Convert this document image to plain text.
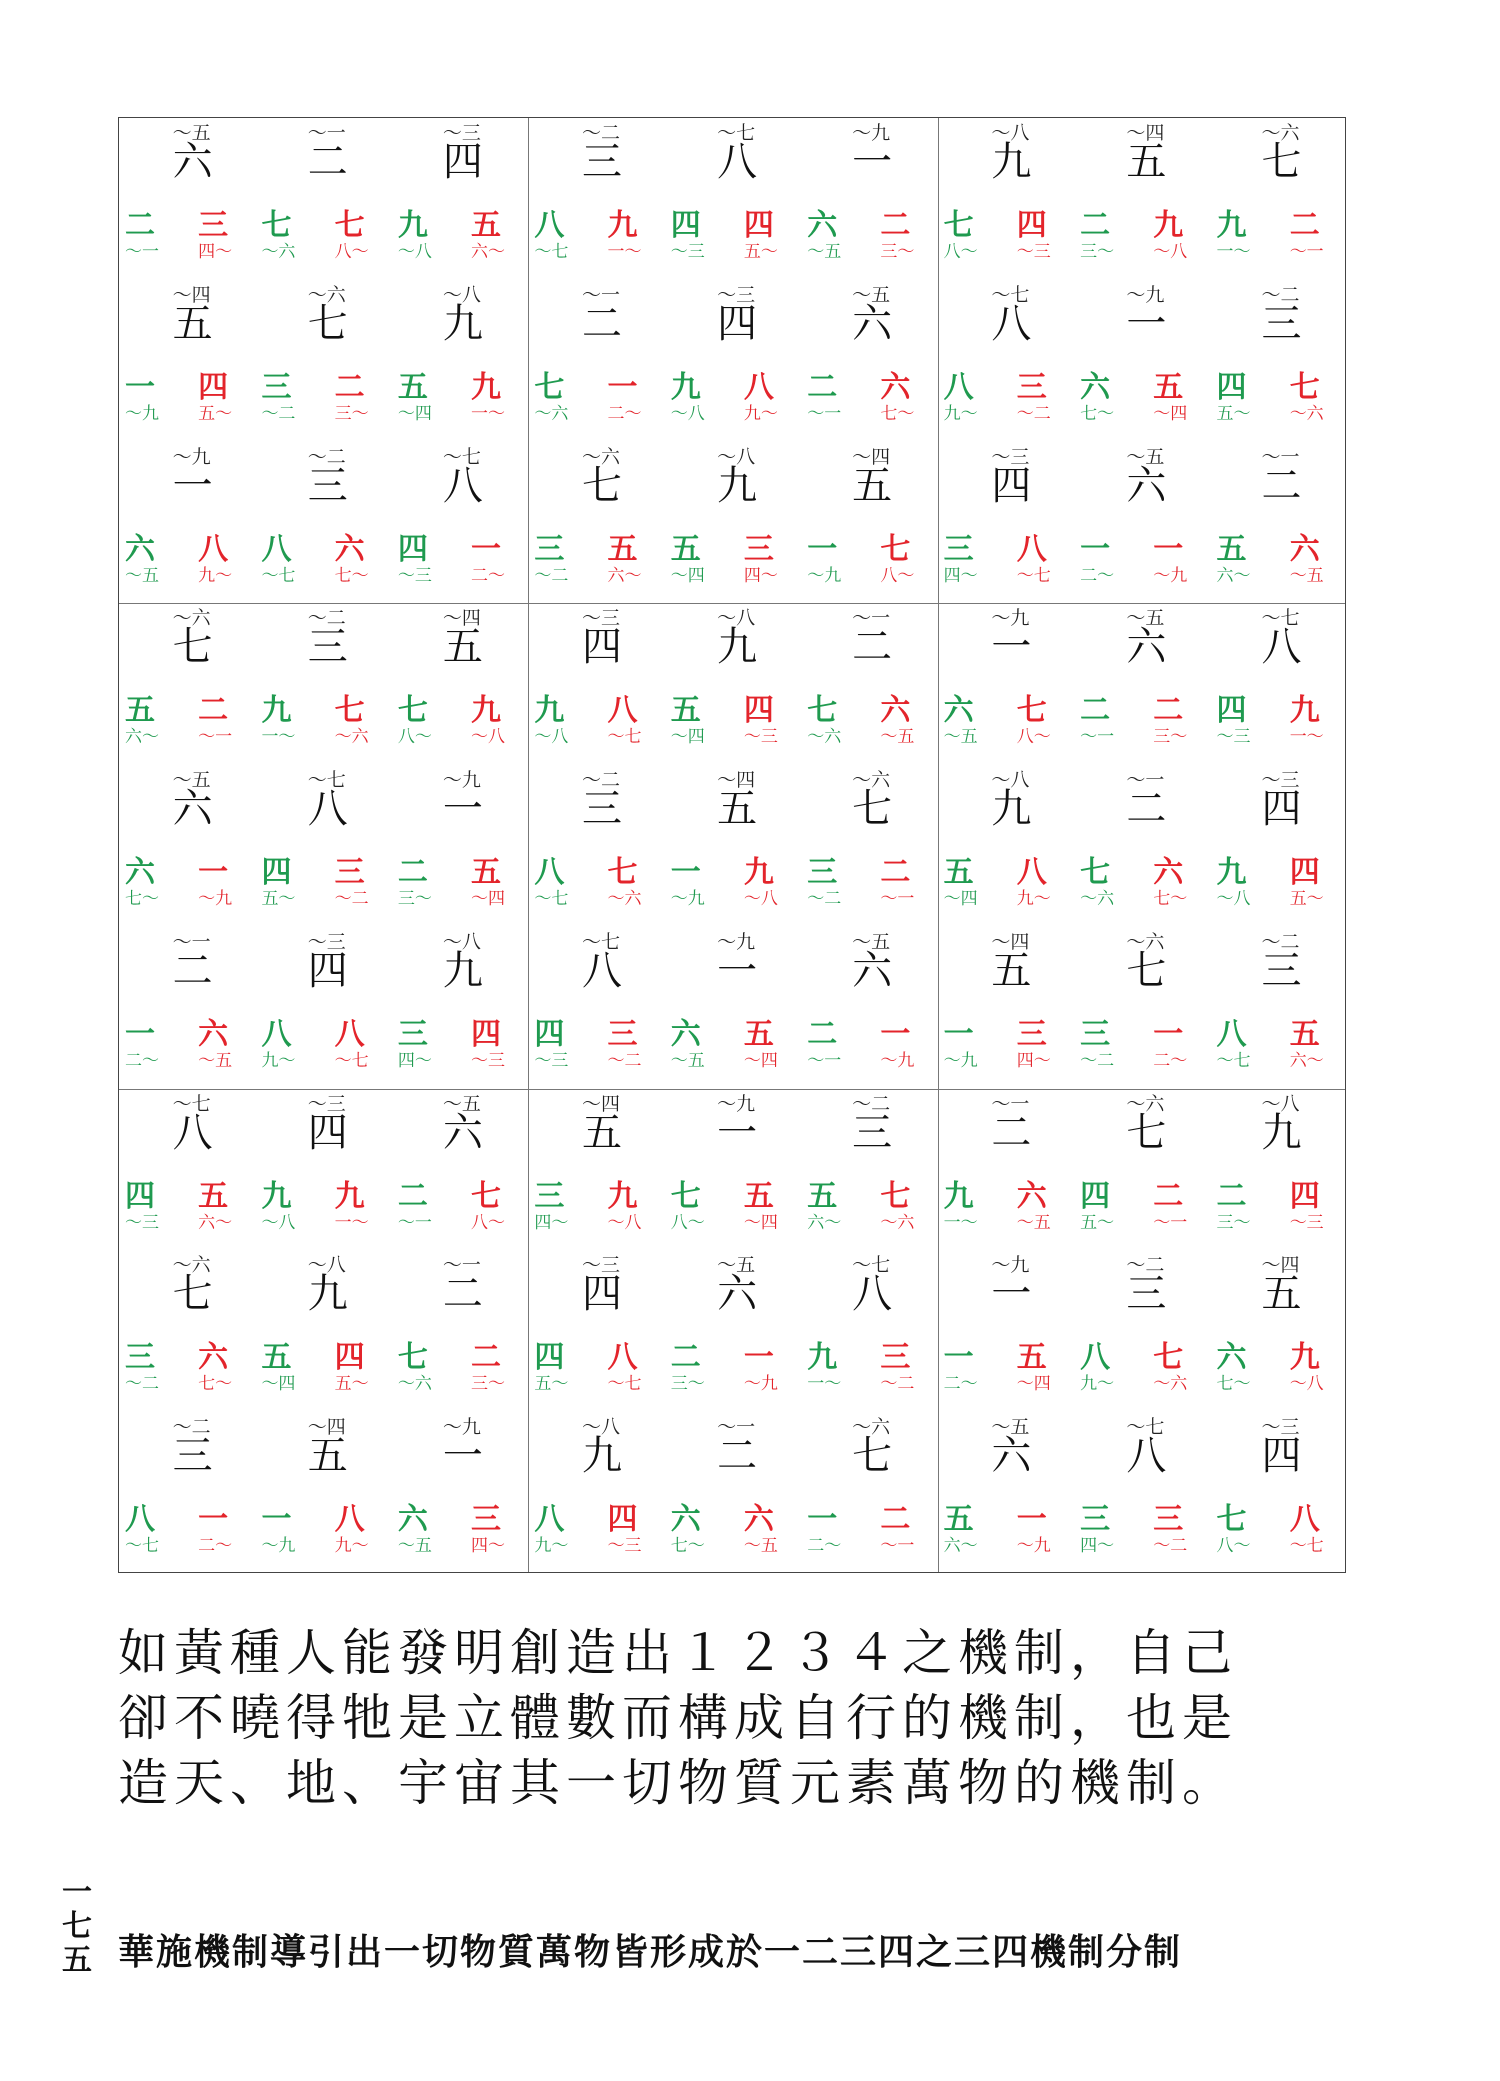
六
〜五
二
〜一
四
〜三
二
〜一
三
四〜
七
〜六
七
八〜
九
〜八
五
六〜
五
〜四
七
〜六
九
〜八
一
〜九
四
五〜
三
〜二
二
三〜
五
〜四
九
一〜
一
〜九
三
〜二
八
〜七
六
〜五
八
九〜
八
〜七
六
七〜
四
〜三
一
二〜
三
〜二
八
〜七
一
〜九
八
〜七
九
一〜
四
〜三
四
五〜
六
〜五
二
三〜
二
〜一
四
〜三
六
〜五
七
〜六
一
二〜
九
〜八
八
九〜
二
〜一
六
七〜
七
〜六
九
〜八
五
〜四
三
〜二
五
六〜
五
〜四
三
四〜
一
〜九
七
八〜
九
〜八
五
〜四
七
〜六
七
八〜
四
〜三
二
三〜
九
〜八
九
一〜
二
〜一
八
〜七
一
〜九
三
〜二
八
九〜
三
〜二
六
七〜
五
〜四
四
五〜
七
〜六
四
〜三
六
〜五
二
〜一
三
四〜
八
〜七
一
二〜
一
〜九
五
六〜
六
〜五
七
〜六
三
〜二
五
〜四
五
六〜
二
〜一
九
一〜
七
〜六
七
八〜
九
〜八
六
〜五
八
〜七
一
〜九
六
七〜
一
〜九
四
五〜
三
〜二
二
三〜
五
〜四
二
〜一
四
〜三
九
〜八
一
二〜
六
〜五
八
九〜
八
〜七
三
四〜
四
〜三
四
〜三
九
〜八
二
〜一
九
〜八
八
〜七
五
〜四
四
〜三
七
〜六
六
〜五
三
〜二
五
〜四
七
〜六
八
〜七
七
〜六
一
〜九
九
〜八
三
〜二
二
〜一
八
〜七
一
〜九
六
〜五
四
〜三
三
〜二
六
〜五
五
〜四
二
〜一
一
〜九
一
〜九
六
〜五
八
〜七
六
〜五
七
八〜
二
〜一
二
三〜
四
〜三
九
一〜
九
〜八
二
〜一
四
〜三
五
〜四
八
九〜
七
〜六
六
七〜
九
〜八
四
五〜
五
〜四
七
〜六
三
〜二
一
〜九
三
四〜
三
〜二
一
二〜
八
〜七
五
六〜
八
〜七
四
〜三
六
〜五
四
〜三
五
六〜
九
〜八
九
一〜
二
〜一
七
八〜
七
〜六
九
〜八
二
〜一
三
〜二
六
七〜
五
〜四
四
五〜
七
〜六
二
三〜
三
〜二
五
〜四
一
〜九
八
〜七
一
二〜
一
〜九
八
九〜
六
〜五
三
四〜
五
〜四
一
〜九
三
〜二
三
四〜
九
〜八
七
八〜
五
〜四
五
六〜
七
〜六
四
〜三
六
〜五
八
〜七
四
五〜
八
〜七
二
三〜
一
〜九
九
一〜
三
〜二
九
〜八
二
〜一
七
〜六
八
九〜
四
〜三
六
七〜
六
〜五
一
二〜
二
〜一
二
〜一
七
〜六
九
〜八
九
一〜
六
〜五
四
五〜
二
〜一
二
三〜
四
〜三
一
〜九
三
〜二
五
〜四
一
二〜
五
〜四
八
九〜
七
〜六
六
七〜
九
〜八
六
〜五
八
〜七
四
〜三
五
六〜
一
〜九
三
四〜
三
〜二
七
八〜
八
〜七
如黃種人能發明創造出１２３４之機制，自己
卻不曉得牠是立體數而構成自行的機制，也是
造天、地、宇宙其一切物質元素萬物的機制。
一
七
五 華施機制導引出一切物質萬物皆形成於一二三四之三四機制分制
